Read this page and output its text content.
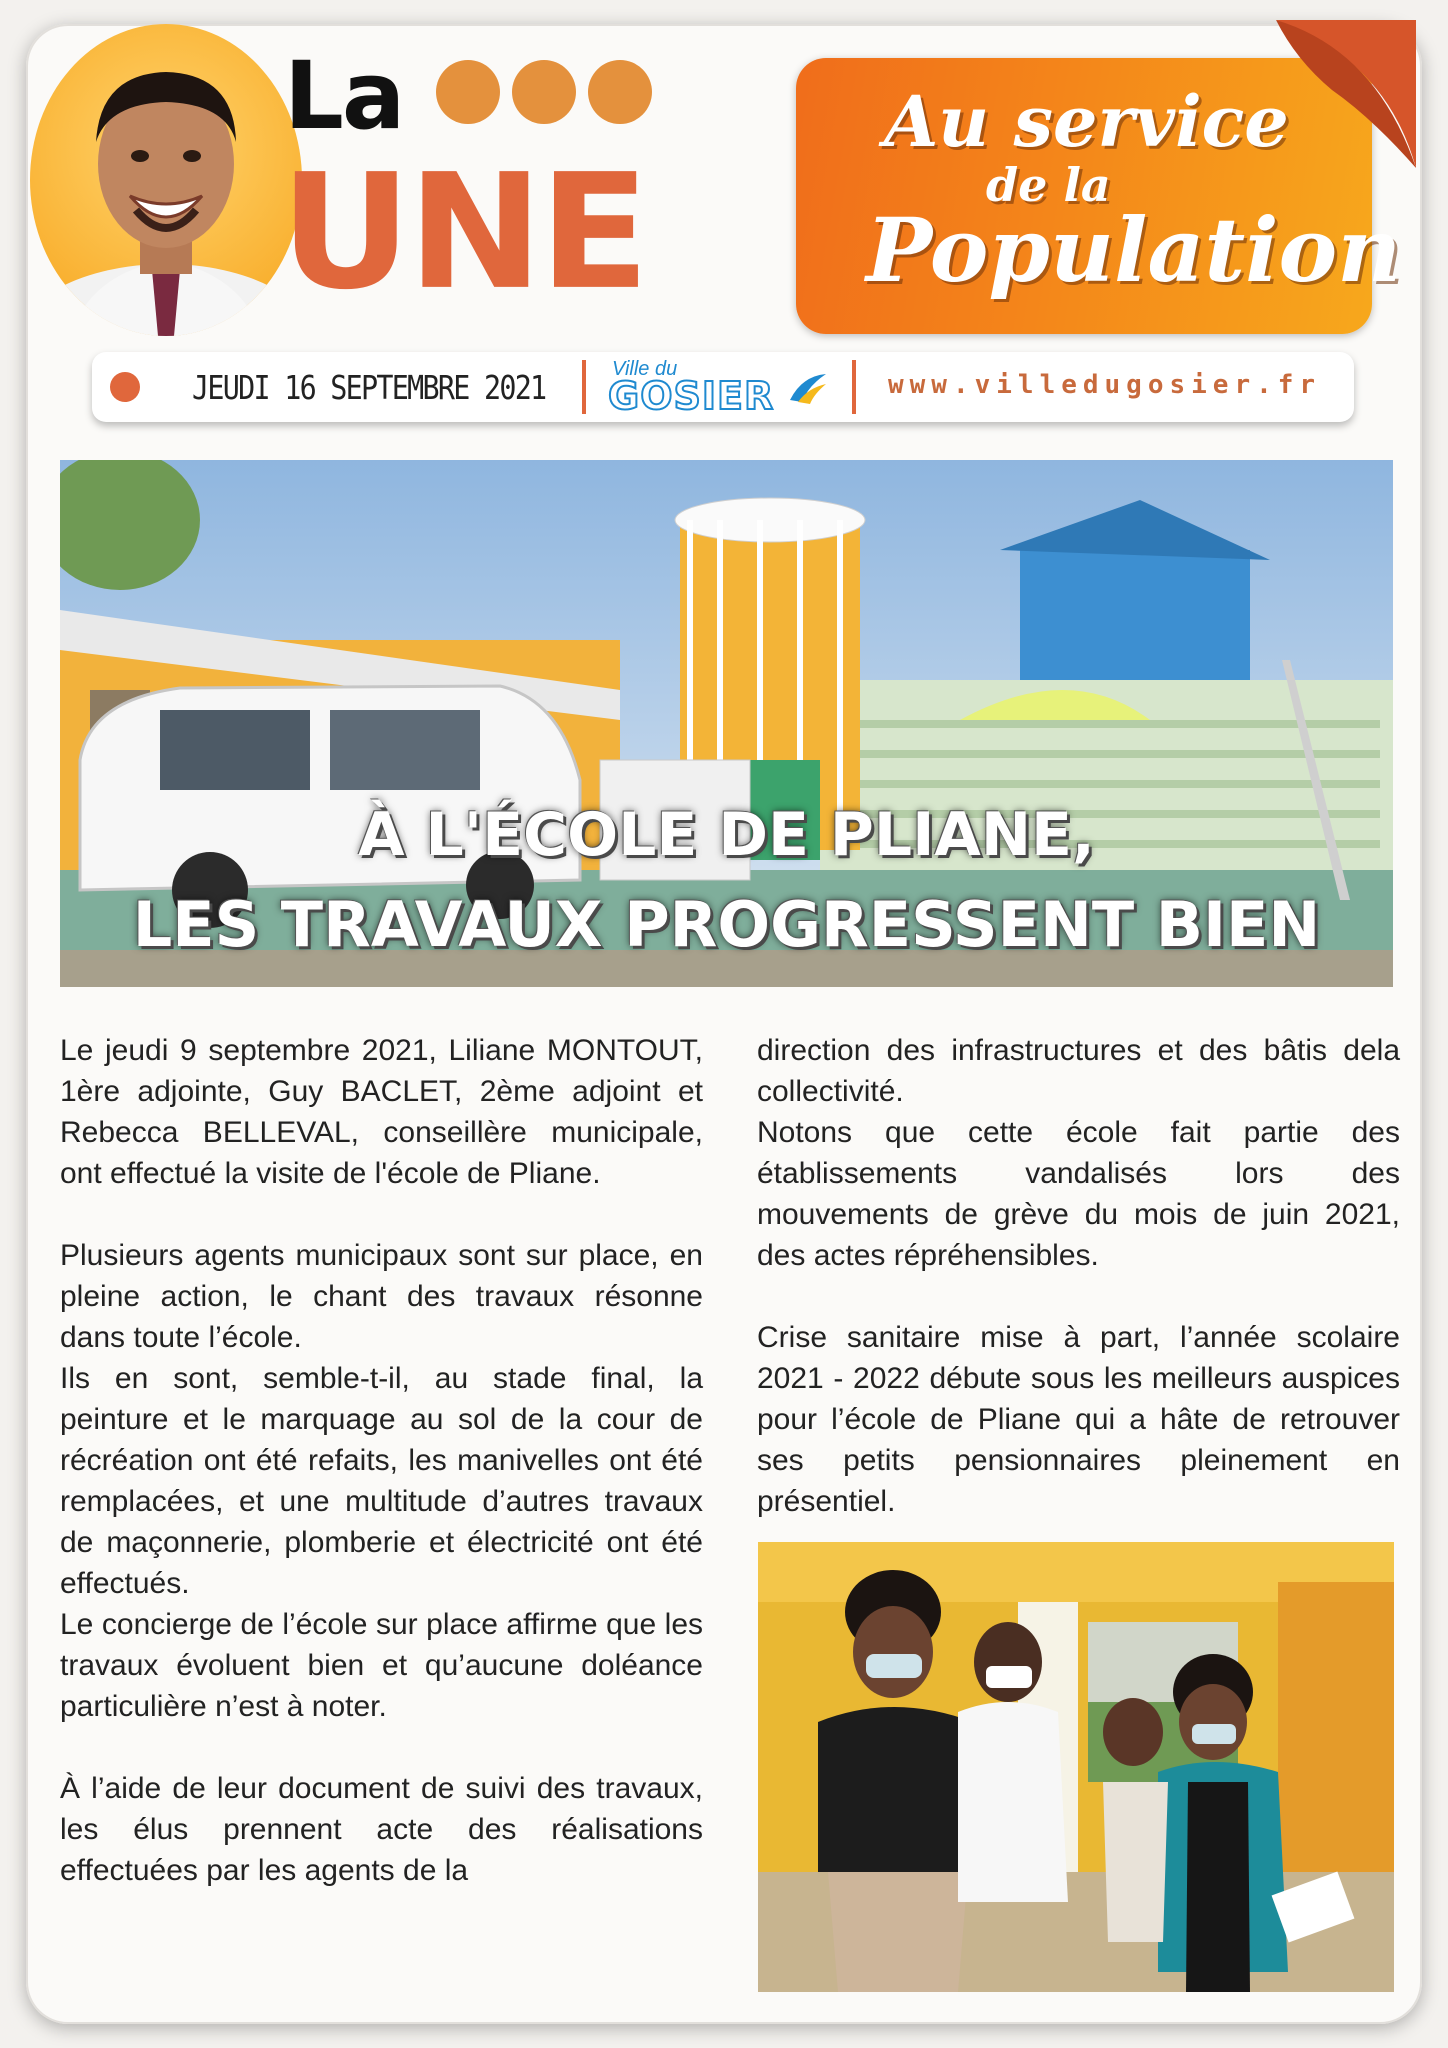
La
UNE
Au service
de la
Population
JEUDI 16 SEPTEMBRE 2021	Ville du
GOSIER	www.villedugosier.fr
À L'ÉCOLE DE PLIANE,
LES TRAVAUX PROGRESSENT BIEN
Le jeudi 9 septembre 2021, Liliane MONTOUT, 1ère adjointe, Guy BACLET, 2ème adjoint et Rebecca BELLEVAL, conseillère municipale, ont effectué la visite de l'école de Pliane.

Plusieurs agents municipaux sont sur place, en pleine action, le chant des travaux résonne dans toute l’école.
Ils en sont, semble-t-il, au stade final, la peinture et le marquage au sol de la cour de récréation ont été refaits, les manivelles ont été remplacées, et une multitude d’autres travaux de maçonnerie, plomberie et électricité ont été effectués.
Le concierge de l’école sur place affirme que les travaux évoluent bien et qu’aucune doléance particulière n’est à noter.

À l’aide de leur document de suivi des travaux, les élus prennent acte des réalisations effectuées par les agents de la
direction des infrastructures et des bâtis dela collectivité.
Notons que cette école fait partie des établissements vandalisés lors des mouvements de grève du mois de juin 2021, des actes répréhensibles.

Crise sanitaire mise à part, l’année scolaire 2021 - 2022 débute sous les meilleurs auspices pour l’école de Pliane qui a hâte de retrouver ses petits pensionnaires pleinement en présentiel.
